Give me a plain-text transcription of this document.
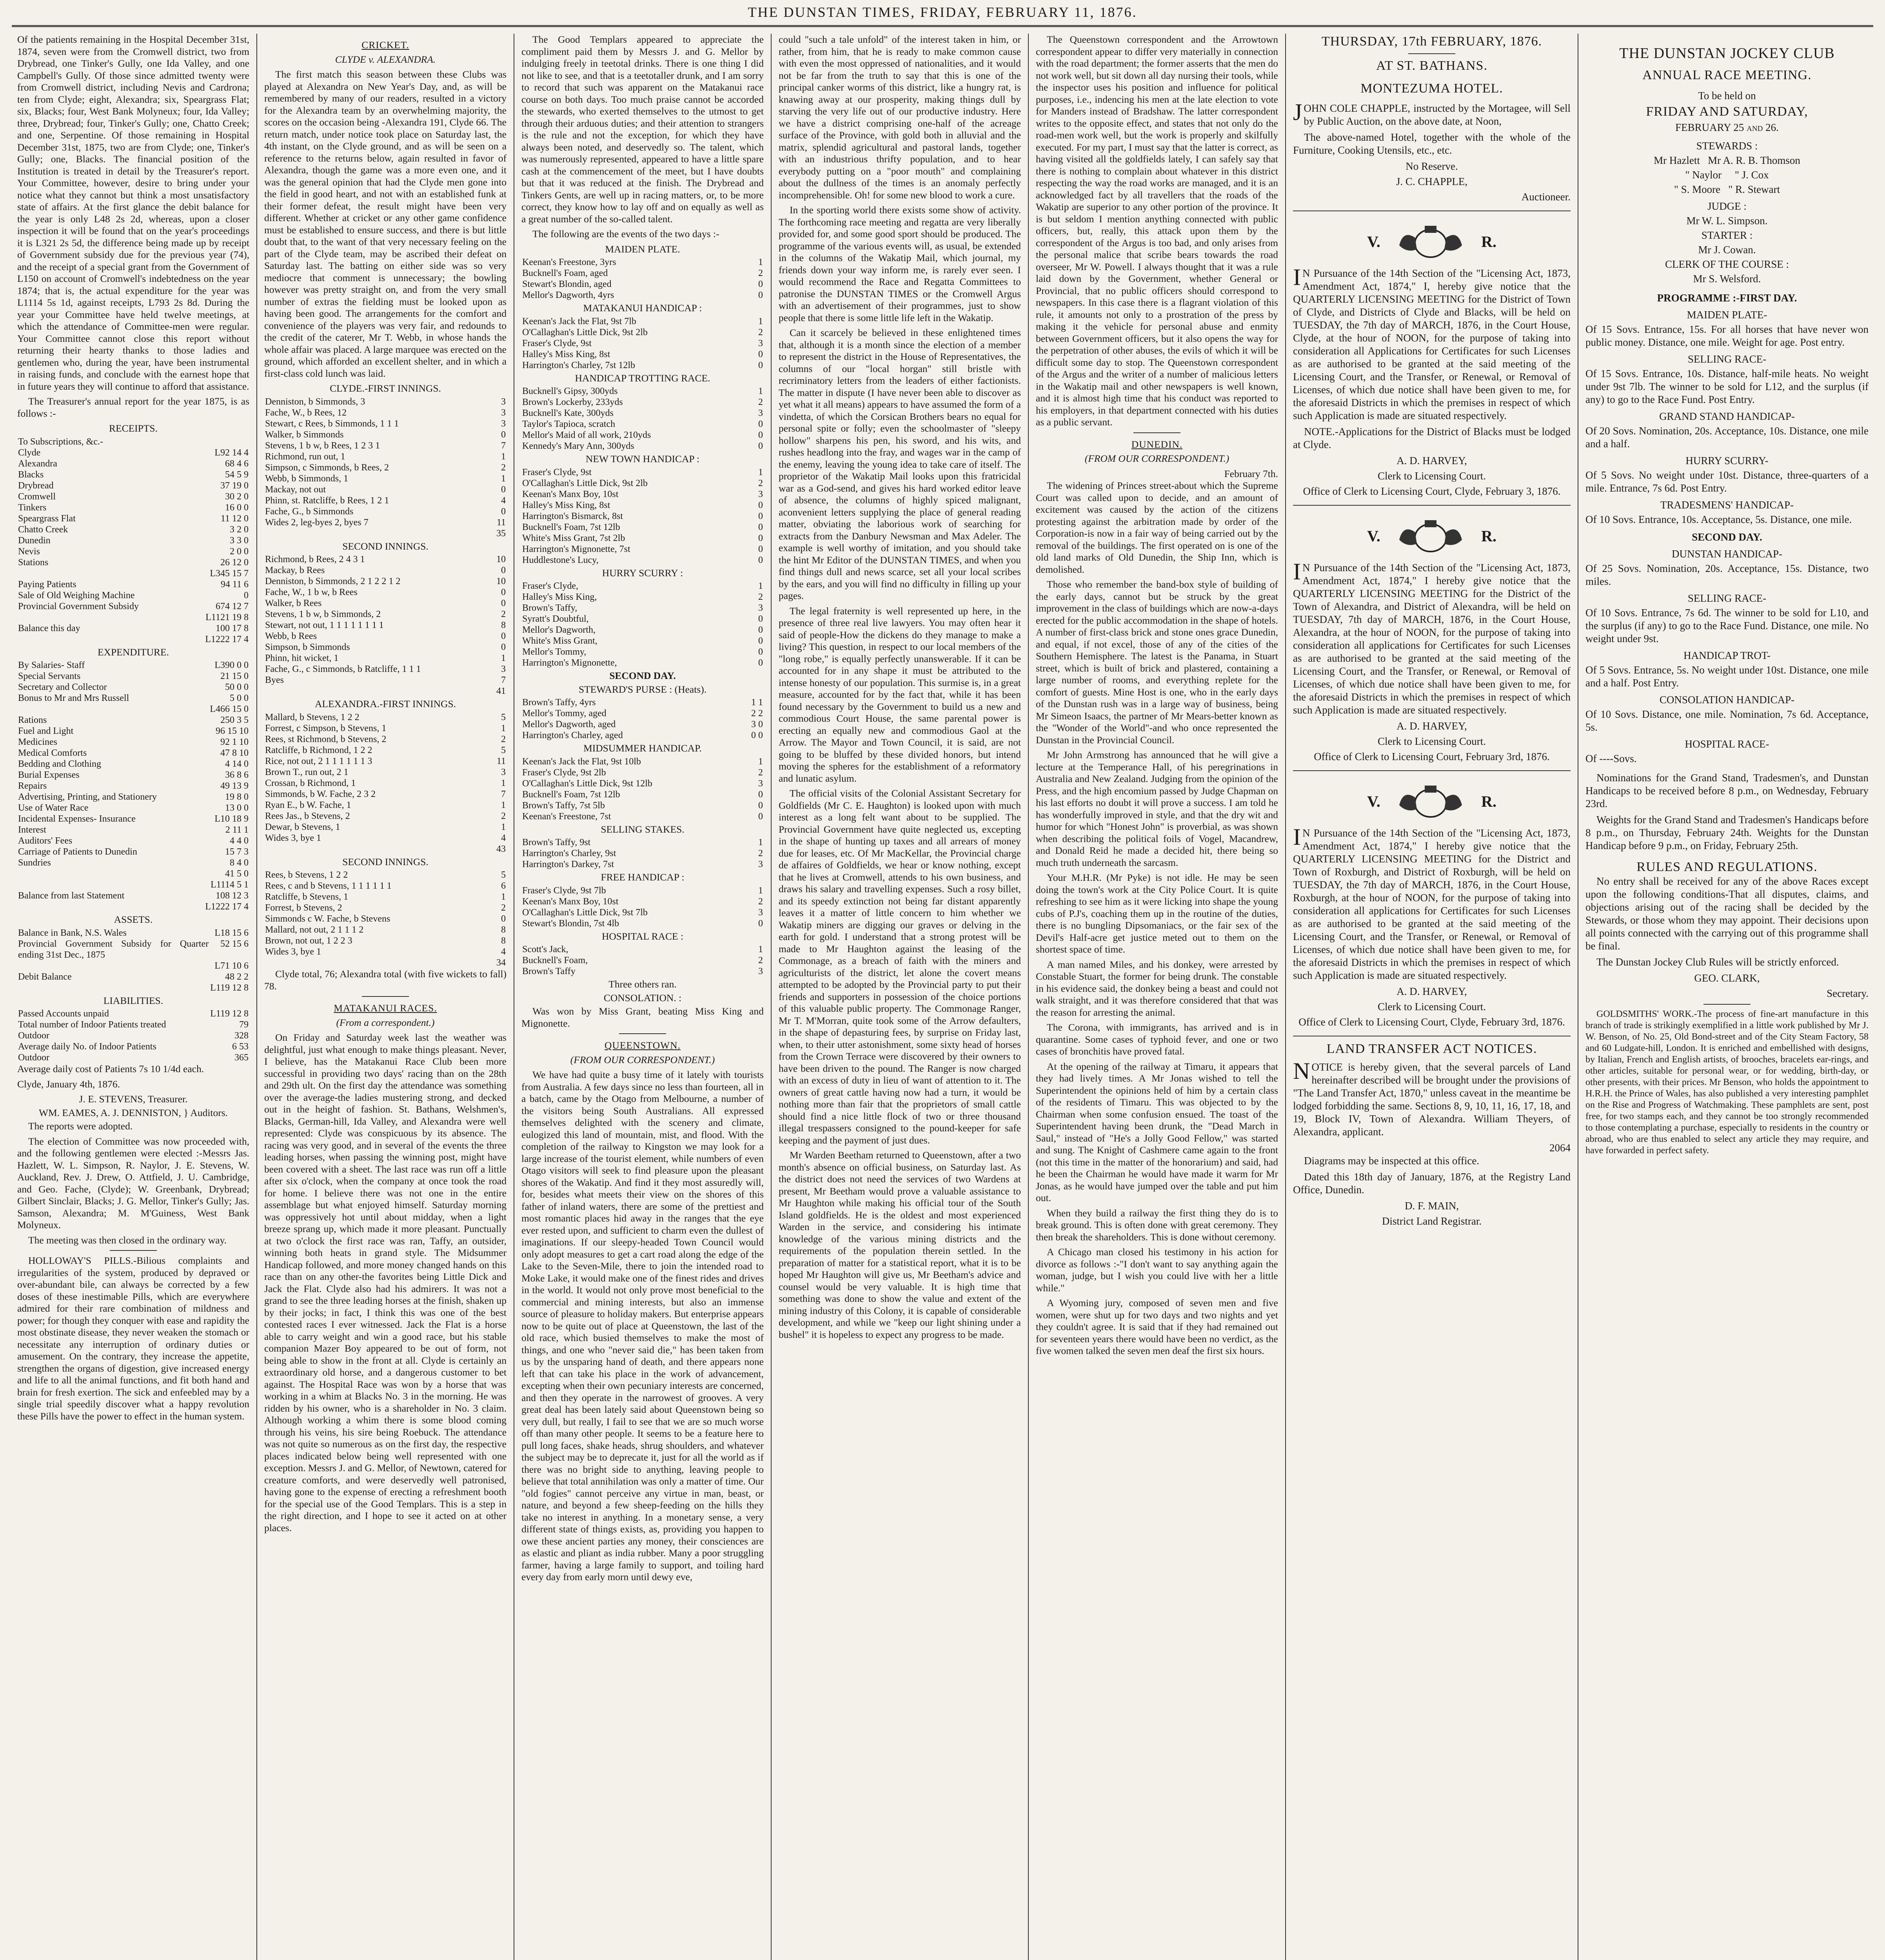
THE DUNSTAN TIMES, FRIDAY, FEBRUARY 11, 1876.

Of the patients remaining in the Hospital December 31st, 1874, seven were from the Cromwell district, two from Drybread, one Tinker's Gully, one Ida Valley, and one Campbell's Gully. Of those since admitted twenty were from Cromwell district, including Nevis and Cardrona; ten from Clyde; eight, Alexandra; six, Speargrass Flat; six, Blacks; four, West Bank Molyneux; four, Ida Valley; three, Drybread; four, Tinker's Gully; one, Chatto Creek; and one, Serpentine. Of those remaining in Hospital December 31st, 1875, two are from Clyde; one, Tinker's Gully; one, Blacks. The financial position of the Institution is treated in detail by the Treasurer's report. Your Committee, however, desire to bring under your notice what they cannot but think a most unsatisfactory state of affairs. At the first glance the debit balance for the year is only L48 2s 2d, whereas, upon a closer inspection it will be found that on the year's proceedings it is L321 2s 5d, the difference being made up by receipt of Government subsidy due for the previous year (74), and the receipt of a special grant from the Government of L150 on account of Cromwell's indebtedness on the year 1874; that is, the actual expenditure for the year was L1114 5s 1d, against receipts, L793 2s 8d. During the year your Committee have held twelve meetings, at which the attendance of Committee-men were regular. Your Committee cannot close this report without returning their hearty thanks to those ladies and gentlemen who, during the year, have been instrumental in raising funds, and conclude with the earnest hope that in future years they will continue to afford that assistance.

The Treasurer's annual report for the year 1875, is as follows :-

RECEIPTS.
To Subscriptions, &c.-	
Clyde	L92 14 4
Alexandra	68 4 6
Blacks	54 5 9
Drybread	37 19 0
Cromwell	30 2 0
Tinkers	16 0 0
Speargrass Flat	11 12 0
Chatto Creek	3 2 0
Dunedin	3 3 0
Nevis	2 0 0
Stations	26 12 0
	L345 15 7
Paying Patients	94 11 6
Sale of Old Weighing Machine	0
Provincial Government Subsidy	674 12 7
	L1121 19 8
Balance this day	100 17 8
	L1222 17 4
EXPENDITURE.
By Salaries- Staff	L390 0 0
Special Servants	21 15 0
Secretary and Collector	50 0 0
Bonus to Mr and Mrs Russell	5 0 0
	L466 15 0
Rations	250 3 5
Fuel and Light	96 15 10
Medicines	92 1 10
Medical Comforts	47 8 10
Bedding and Clothing	4 14 0
Burial Expenses	36 8 6
Repairs	49 13 9
Advertising, Printing, and Stationery	19 8 0
Use of Water Race	13 0 0
Incidental Expenses- Insurance	L10 18 9
Interest	2 11 1
Auditors' Fees	4 4 0
Carriage of Patients to Dunedin	15 7 3
Sundries	8 4 0
	41 5 0
	L1114 5 1
Balance from last Statement	108 12 3
	L1222 17 4
ASSETS.
Balance in Bank, N.S. Wales	L18 15 6
Provincial Government Subsidy for Quarter ending 31st Dec., 1875	52 15 6
	L71 10 6
Debit Balance	48 2 2
	L119 12 8
LIABILITIES.
Passed Accounts unpaid	L119 12 8
Total number of Indoor Patients treated	79
Outdoor	328
Average daily No. of Indoor Patients	6 53
Outdoor	365

Average daily cost of Patients 7s 10 1/4d each.

Clyde, January 4th, 1876.

J. E. STEVENS, Treasurer.

WM. EAMES, A. J. DENNISTON, } Auditors.

The reports were adopted.

The election of Committee was now proceeded with, and the following gentlemen were elected :-Messrs Jas. Hazlett, W. L. Simpson, R. Naylor, J. E. Stevens, W. Auckland, Rev. J. Drew, O. Attfield, J. U. Cambridge, and Geo. Fache, (Clyde); W. Greenbank, Drybread; Gilbert Sinclair, Blacks; J. G. Mellor, Tinker's Gully; Jas. Samson, Alexandra; M. M'Guiness, West Bank Molyneux.

The meeting was then closed in the ordinary way.

HOLLOWAY'S PILLS.-Bilious complaints and irregularities of the system, produced by depraved or over-abundant bile, can always be corrected by a few doses of these inestimable Pills, which are everywhere admired for their rare combination of mildness and power; for though they conquer with ease and rapidity the most obstinate disease, they never weaken the stomach or necessitate any interruption of ordinary duties or amusement. On the contrary, they increase the appetite, strengthen the organs of digestion, give increased energy and life to all the animal functions, and fit both hand and brain for fresh exertion. The sick and enfeebled may by a single trial speedily discover what a happy revolution these Pills have the power to effect in the human system.

CRICKET.
CLYDE v. ALEXANDRA.

The first match this season between these Clubs was played at Alexandra on New Year's Day, and, as will be remembered by many of our readers, resulted in a victory for the Alexandra team by an overwhelming majority, the scores on the occasion being -Alexandra 191, Clyde 66. The return match, under notice took place on Saturday last, the 4th instant, on the Clyde ground, and as will be seen on a reference to the returns below, again resulted in favor of Alexandra, though the game was a more even one, and it was the general opinion that had the Clyde men gone into the field in good heart, and not with an established funk at their former defeat, the result might have been very different. Whether at cricket or any other game confidence must be established to ensure success, and there is but little doubt that, to the want of that very necessary feeling on the part of the Clyde team, may be ascribed their defeat on Saturday last. The batting on either side was so very mediocre that comment is unnecessary; the bowling however was pretty straight on, and from the very small number of extras the fielding must be looked upon as having been good. The arrangements for the comfort and convenience of the players was very fair, and redounds to the credit of the caterer, Mr T. Webb, in whose hands the whole affair was placed. A large marquee was erected on the ground, which afforded an excellent shelter, and in which a first-class cold lunch was laid.

CLYDE.-FIRST INNINGS.
Denniston, b Simmonds, 3	3
Fache, W., b Rees, 12	3
Stewart, c Rees, b Simmonds, 1 1 1	3
Walker, b Simmonds	0
Stevens, 1 b w, b Rees, 1 2 3 1	7
Richmond, run out, 1	1
Simpson, c Simmonds, b Rees, 2	2
Webb, b Simmonds, 1	1
Mackay, not out	0
Phinn, st. Ratcliffe, b Rees, 1 2 1	4
Fache, G., b Simmonds	0
Wides 2, leg-byes 2, byes 7	11
	35
SECOND INNINGS.
Richmond, b Rees, 2 4 3 1	10
Mackay, b Rees	0
Denniston, b Simmonds, 2 1 2 2 1 2	10
Fache, W., 1 b w, b Rees	0
Walker, b Rees	0
Stevens, 1 b w, b Simmonds, 2	2
Stewart, not out, 1 1 1 1 1 1 1 1	8
Webb, b Rees	0
Simpson, b Simmonds	0
Phinn, hit wicket, 1	1
Fache, G., c Simmonds, b Ratcliffe, 1 1 1	3
Byes	7
	41
ALEXANDRA.-FIRST INNINGS.
Mallard, b Stevens, 1 2 2	5
Forrest, c Simpson, b Stevens, 1	1
Rees, st Richmond, b Stevens, 2	2
Ratcliffe, b Richmond, 1 2 2	5
Rice, not out, 2 1 1 1 1 1 1 3	11
Brown T., run out, 2 1	3
Crossan, b Richmond, 1	1
Simmonds, b W. Fache, 2 3 2	7
Ryan E., b W. Fache, 1	1
Rees Jas., b Stevens, 2	2
Dewar, b Stevens, 1	1
Wides 3, bye 1	4
	43
SECOND INNINGS.
Rees, b Stevens, 1 2 2	5
Rees, c and b Stevens, 1 1 1 1 1 1	6
Ratcliffe, b Stevens, 1	1
Forrest, b Stevens, 2	2
Simmonds c W. Fache, b Stevens	0
Mallard, not out, 2 1 1 1 2	8
Brown, not out, 1 2 2 3	8
Wides 3, bye 1	4
	34

Clyde total, 76; Alexandra total (with five wickets to fall) 78.

MATAKANUI RACES.
(From a correspondent.)

On Friday and Saturday week last the weather was delightful, just what enough to make things pleasant. Never, I believe, has the Matakanui Race Club been more successful in providing two days' racing than on the 28th and 29th ult. On the first day the attendance was something over the average-the ladies mustering strong, and decked out in the height of fashion. St. Bathans, Welshmen's, Blacks, German-hill, Ida Valley, and Alexandra were well represented: Clyde was conspicuous by its absence. The racing was very good, and in several of the events the three leading horses, when passing the winning post, might have been covered with a sheet. The last race was run off a little after six o'clock, when the company at once took the road for home. I believe there was not one in the entire assemblage but what enjoyed himself. Saturday morning was oppressively hot until about midday, when a light breeze sprang up, which made it more pleasant. Punctually at two o'clock the first race was ran, Taffy, an outsider, winning both heats in grand style. The Midsummer Handicap followed, and more money changed hands on this race than on any other-the favorites being Little Dick and Jack the Flat. Clyde also had his admirers. It was not a grand to see the three leading horses at the finish, shaken up by their jocks; in fact, I think this was one of the best contested races I ever witnessed. Jack the Flat is a horse able to carry weight and win a good race, but his stable companion Mazer Boy appeared to be out of form, not being able to show in the front at all. Clyde is certainly an extraordinary old horse, and a dangerous customer to bet against. The Hospital Race was won by a horse that was working in a whim at Blacks No. 3 in the morning. He was ridden by his owner, who is a shareholder in No. 3 claim. Although working a whim there is some blood coming through his veins, his sire being Roebuck. The attendance was not quite so numerous as on the first day, the respective places indicated below being well represented with one exception. Messrs J. and G. Mellor, of Newtown, catered for creature comforts, and were deservedly well patronised, having gone to the expense of erecting a refreshment booth for the special use of the Good Templars. This is a step in the right direction, and I hope to see it acted on at other places.

The Good Templars appeared to appreciate the compliment paid them by Messrs J. and G. Mellor by indulging freely in teetotal drinks. There is one thing I did not like to see, and that is a teetotaller drunk, and I am sorry to record that such was apparent on the Matakanui race course on both days. Too much praise cannot be accorded the stewards, who exerted themselves to the utmost to get through their arduous duties; and their attention to strangers is the rule and not the exception, for which they have always been noted, and deservedly so. The talent, which was numerously represented, appeared to have a little spare cash at the commencement of the meet, but I have doubts but that it was reduced at the finish. The Drybread and Tinkers Gents, are well up in racing matters, or, to be more correct, they know how to lay off and on equally as well as a great number of the so-called talent.

The following are the events of the two days :-

MAIDEN PLATE.
Keenan's Freestone, 3yrs	1
Bucknell's Foam, aged	2
Stewart's Blondin, aged	0
Mellor's Dagworth, 4yrs	0
MATAKANUI HANDICAP :
Keenan's Jack the Flat, 9st 7lb	1
O'Callaghan's Little Dick, 9st 2lb	2
Fraser's Clyde, 9st	3
Halley's Miss King, 8st	0
Harrington's Charley, 7st 12lb	0
HANDICAP TROTTING RACE.
Bucknell's Gipsy, 300yds	1
Brown's Lockerby, 233yds	2
Bucknell's Kate, 300yds	3
Taylor's Tapioca, scratch	0
Mellor's Maid of all work, 210yds	0
Kennedy's Mary Ann, 300yds	0
NEW TOWN HANDICAP :
Fraser's Clyde, 9st	1
O'Callaghan's Little Dick, 9st 2lb	2
Keenan's Manx Boy, 10st	3
Halley's Miss King, 8st	0
Harrington's Bismarck, 8st	0
Bucknell's Foam, 7st 12lb	0
White's Miss Grant, 7st 2lb	0
Harrington's Mignonette, 7st	0
Huddlestone's Lucy,	0
HURRY SCURRY :
Fraser's Clyde,	1
Halley's Miss King,	2
Brown's Taffy,	3
Syratt's Doubtful,	0
Mellor's Dagworth,	0
White's Miss Grant,	0
Mellor's Tommy,	0
Harrington's Mignonette,	0
SECOND DAY.
STEWARD'S PURSE : (Heats).
Brown's Taffy, 4yrs	1 1
Mellor's Tommy, aged	2 2
Mellor's Dagworth, aged	3 0
Harrington's Charley, aged	0 0
MIDSUMMER HANDICAP.
Keenan's Jack the Flat, 9st 10lb	1
Fraser's Clyde, 9st 2lb	2
O'Callaghan's Little Dick, 9st 12lb	3
Bucknell's Foam, 7st 12lb	0
Brown's Taffy, 7st 5lb	0
Keenan's Freestone, 7st	0
SELLING STAKES.
Brown's Taffy, 9st	1
Harrington's Charley, 9st	2
Harrington's Darkey, 7st	3
FREE HANDICAP :
Fraser's Clyde, 9st 7lb	1
Keenan's Manx Boy, 10st	2
O'Callaghan's Little Dick, 9st 7lb	3
Stewart's Blondin, 7st 4lb	0
HOSPITAL RACE :
Scott's Jack,	1
Bucknell's Foam,	2
Brown's Taffy	3
Three others ran.
CONSOLATION. :

Was won by Miss Grant, beating Miss King and Mignonette.

QUEENSTOWN.
(FROM OUR CORRESPONDENT.)

We have had quite a busy time of it lately with tourists from Australia. A few days since no less than fourteen, all in a batch, came by the Otago from Melbourne, a number of the visitors being South Australians. All expressed themselves delighted with the scenery and climate, eulogized this land of mountain, mist, and flood. With the completion of the railway to Kingston we may look for a large increase of the tourist element, while numbers of even Otago visitors will seek to find pleasure upon the pleasant shores of the Wakatip. And find it they most assuredly will, for, besides what meets their view on the shores of this father of inland waters, there are some of the prettiest and most romantic places hid away in the ranges that the eye ever rested upon, and sufficient to charm even the dullest of imaginations. If our sleepy-headed Town Council would only adopt measures to get a cart road along the edge of the Lake to the Seven-Mile, there to join the intended road to Moke Lake, it would make one of the finest rides and drives in the world. It would not only prove most beneficial to the commercial and mining interests, but also an immense source of pleasure to holiday makers. But enterprise appears now to be quite out of place at Queenstown, the last of the old race, which busied themselves to make the most of things, and one who "never said die," has been taken from us by the unsparing hand of death, and there appears none left that can take his place in the work of advancement, excepting when their own pecuniary interests are concerned, and then they operate in the narrowest of grooves. A very great deal has been lately said about Queenstown being so very dull, but really, I fail to see that we are so much worse off than many other people. It seems to be a feature here to pull long faces, shake heads, shrug shoulders, and whatever the subject may be to deprecate it, just for all the world as if there was no bright side to anything, leaving people to believe that total annihilation was only a matter of time. Our "old fogies" cannot perceive any virtue in man, beast, or nature, and beyond a few sheep-feeding on the hills they take no interest in anything. In a monetary sense, a very different state of things exists, as, providing you happen to owe these ancient parties any money, their consciences are as elastic and pliant as india rubber. Many a poor struggling farmer, having a large family to support, and toiling hard every day from early morn until dewy eve,

could "such a tale unfold" of the interest taken in him, or rather, from him, that he is ready to make common cause with even the most oppressed of nationalities, and it would not be far from the truth to say that this is one of the principal canker worms of this district, like a hungry rat, is knawing away at our prosperity, making things dull by starving the very life out of our productive industry. Here we have a district comprising one-half of the acreage surface of the Province, with gold both in alluvial and the matrix, splendid agricultural and pastoral lands, together with an industrious thrifty population, and to hear everybody putting on a "poor mouth" and complaining about the dullness of the times is an anomaly perfectly incomprehensible. Oh! for some new blood to work a cure.

In the sporting world there exists some show of activity. The forthcoming race meeting and regatta are very liberally provided for, and some good sport should be produced. The programme of the various events will, as usual, be extended in the columns of the Wakatip Mail, which journal, my friends down your way inform me, is rarely ever seen. I would recommend the Race and Regatta Committees to patronise the DUNSTAN TIMES or the Cromwell Argus with an advertisement of their programmes, just to show people that there is some little life left in the Wakatip.

Can it scarcely be believed in these enlightened times that, although it is a month since the election of a member to represent the district in the House of Representatives, the columns of our "local horgan" still bristle with recriminatory letters from the leaders of either factionists. The matter in dispute (I have never been able to discover as yet what it all means) appears to have assumed the form of a vindetta, of which the Corsican Brothers bears no equal for personal spite or folly; even the schoolmaster of "sleepy hollow" sharpens his pen, his sword, and his wits, and rushes headlong into the fray, and wages war in the camp of the enemy, leaving the young idea to take care of itself. The proprietor of the Wakatip Mail looks upon this fratricidal war as a God-send, and gives his hard worked editor leave of absence, the columns of highly spiced malignant, aconvenient letters supplying the place of general reading matter, obviating the laborious work of searching for extracts from the Danbury Newsman and Max Adeler. The example is well worthy of imitation, and you should take the hint Mr Editor of the DUNSTAN TIMES, and when you find things dull and news scarce, set all your local scribes by the ears, and you will find no difficulty in filling up your pages.

The legal fraternity is well represented up here, in the presence of three real live lawyers. You may often hear it said of people-How the dickens do they manage to make a living? This question, in respect to our local members of the "long robe," is equally perfectly unanswerable. If it can be accounted for in any shape it must be attributed to the intense honesty of our population. This surmise is, in a great measure, accounted for by the fact that, while it has been found necessary by the Government to build us a new and commodious Court House, the same parental power is erecting an equally new and commodious Gaol at the Arrow. The Mayor and Town Council, it is said, are not going to be bluffed by these divided honors, but intend moving the spheres for the establishment of a reformatory and lunatic asylum.

The official visits of the Colonial Assistant Secretary for Goldfields (Mr C. E. Haughton) is looked upon with much interest as a long felt want about to be supplied. The Provincial Government have quite neglected us, excepting in the shape of hunting up taxes and all arrears of money due for leases, etc. Of Mr MacKellar, the Provincial charge de affaires of Goldfields, we hear or know nothing, except that he lives at Cromwell, attends to his own business, and draws his salary and travelling expenses. Such a rosy billet, and its speedy extinction not being far distant apparently leaves it a matter of little concern to him whether we Wakatip miners are digging our graves or delving in the earth for gold. I understand that a strong protest will be made to Mr Haughton against the leasing of the Commonage, as a breach of faith with the miners and agriculturists of the district, let alone the covert means attempted to be adopted by the Provincial party to put their friends and supporters in possession of the choice portions of this valuable public property. The Commonage Ranger, Mr T. M'Morran, quite took some of the Arrow defaulters, in the shape of depasturing fees, by surprise on Friday last, when, to their utter astonishment, some sixty head of horses from the Crown Terrace were discovered by their owners to have been driven to the pound. The Ranger is now charged with an excess of duty in lieu of want of attention to it. The owners of great cattle having now had a turn, it would be nothing more than fair that the proprietors of small cattle should find a nice little flock of two or three thousand illegal trespassers consigned to the pound-keeper for safe keeping and the payment of just dues.

Mr Warden Beetham returned to Queenstown, after a two month's absence on official business, on Saturday last. As the district does not need the services of two Wardens at present, Mr Beetham would prove a valuable assistance to Mr Haughton while making his official tour of the South Island goldfields. He is the oldest and most experienced Warden in the service, and considering his intimate knowledge of the various mining districts and the requirements of the population therein settled. In the preparation of matter for a statistical report, what it is to be hoped Mr Haughton will give us, Mr Beetham's advice and counsel would be very valuable. It is high time that something was done to show the value and extent of the mining industry of this Colony, it is capable of considerable development, and while we "keep our light shining under a bushel" it is hopeless to expect any progress to be made.

The Queenstown correspondent and the Arrowtown correspondent appear to differ very materially in connection with the road department; the former asserts that the men do not work well, but sit down all day nursing their tools, while the inspector uses his position and influence for political purposes, i.e., indencing his men at the late election to vote for Manders instead of Bradshaw. The latter correspondent writes to the opposite effect, and states that not only do the road-men work well, but the work is properly and skilfully executed. For my part, I must say that the latter is correct, as having visited all the goldfields lately, I can safely say that there is nothing to complain about whatever in this district respecting the way the road works are managed, and it is an acknowledged fact by all travellers that the roads of the Wakatip are superior to any other portion of the province. It is but seldom I mention anything connected with public officers, but, really, this attack upon them by the correspondent of the Argus is too bad, and only arises from the personal malice that scribe bears towards the road overseer, Mr W. Powell. I always thought that it was a rule laid down by the Government, whether General or Provincial, that no public officers should correspond to newspapers. In this case there is a flagrant violation of this rule, it amounts not only to a prostration of the press by making it the vehicle for personal abuse and enmity between Government officers, but it also opens the way for the perpetration of other abuses, the evils of which it will be difficult some day to stop. The Queenstown correspondent of the Argus and the writer of a number of malicious letters in the Wakatip mail and other newspapers is well known, and it is almost high time that his conduct was reported to his employers, in that department connected with his duties as a public servant.

DUNEDIN.
(FROM OUR CORRESPONDENT.)
February 7th.

The widening of Princes street-about which the Supreme Court was called upon to decide, and an amount of excitement was caused by the action of the citizens protesting against the arbitration made by order of the Corporation-is now in a fair way of being carried out by the removal of the buildings. The first operated on is one of the old land marks of Old Dunedin, the Ship Inn, which is demolished.

Those who remember the band-box style of building of the early days, cannot but be struck by the great improvement in the class of buildings which are now-a-days erected for the public accommodation in the shape of hotels. A number of first-class brick and stone ones grace Dunedin, and equal, if not excel, those of any of the cities of the Southern Hemisphere. The latest is the Panama, in Stuart street, which is built of brick and plastered, containing a large number of rooms, and everything replete for the comfort of guests. Mine Host is one, who in the early days of the Dunstan rush was in a large way of business, being Mr Simeon Isaacs, the partner of Mr Mears-better known as the "Wonder of the World"-and who once represented the Dunstan in the Provincial Council.

Mr John Armstrong has announced that he will give a lecture at the Temperance Hall, of his peregrinations in Australia and New Zealand. Judging from the opinion of the Press, and the high encomium passed by Judge Chapman on his last efforts no doubt it will prove a success. I am told he has wonderfully improved in style, and that the dry wit and humor for which "Honest John" is proverbial, as was shown when describing the political foils of Vogel, Macandrew, and Donald Reid he made a decided hit, there being so much truth underneath the sarcasm.

Your M.H.R. (Mr Pyke) is not idle. He may be seen doing the town's work at the City Police Court. It is quite refreshing to see him as it were licking into shape the young cubs of P.J's, coaching them up in the routine of the duties, there is no bungling Dipsomaniacs, or the fair sex of the Devil's Half-acre get justice meted out to them on the shortest space of time.

A man named Miles, and his donkey, were arrested by Constable Stuart, the former for being drunk. The constable in his evidence said, the donkey being a beast and could not walk straight, and it was therefore considered that that was the reason for arresting the animal.

The Corona, with immigrants, has arrived and is in quarantine. Some cases of typhoid fever, and one or two cases of bronchitis have proved fatal.

At the opening of the railway at Timaru, it appears that they had lively times. A Mr Jonas wished to tell the Superintendent the opinions held of him by a certain class of the residents of Timaru. This was objected to by the Chairman when some confusion ensued. The toast of the Superintendent having been drunk, the "Dead March in Saul," instead of "He's a Jolly Good Fellow," was started and sung. The Knight of Cashmere came again to the front (not this time in the matter of the honorarium) and said, had he been the Chairman he would have made it warm for Mr Jonas, as he would have jumped over the table and put him out.

When they build a railway the first thing they do is to break ground. This is often done with great ceremony. They then break the shareholders. This is done without ceremony.

A Chicago man closed his testimony in his action for divorce as follows :-"I don't want to say anything again the woman, judge, but I wish you could live with her a little while."

A Wyoming jury, composed of seven men and five women, were shut up for two days and two nights and yet they couldn't agree. It is said that if they had remained out for seventeen years there would have been no verdict, as the five women talked the seven men deaf the first six hours.

THURSDAY, 17th FEBRUARY, 1876.
AT ST. BATHANS.
MONTEZUMA HOTEL.

JOHN COLE CHAPPLE, instructed by the Mortagee, will Sell by Public Auction, on the above date, at Noon,

The above-named Hotel, together with the whole of the Furniture, Cooking Utensils, etc., etc.

No Reserve.
J. C. CHAPPLE,
Auctioneer.
V.	R.

IN Pursuance of the 14th Section of the "Licensing Act, 1873, Amendment Act, 1874," I, hereby give notice that the QUARTERLY LICENSING MEETING for the District of Town of Clyde, and Districts of Clyde and Blacks, will be held on TUESDAY, the 7th day of MARCH, 1876, in the Court House, Clyde, at the hour of NOON, for the purpose of taking into consideration all Applications for Certificates for such Licenses as are authorised to be granted at the said meeting of the Licensing Court, and the Transfer, or Renewal, or Removal of Licenses, of which due notice shall have been given to me, for the aforesaid Districts in which the premises in respect of which such Application is made are situated respectively.

NOTE.-Applications for the District of Blacks must be lodged at Clyde.

A. D. HARVEY,
Clerk to Licensing Court.
Office of Clerk to Licensing Court, Clyde, February 3, 1876.
V.	R.

IN Pursuance of the 14th Section of the "Licensing Act, 1873, Amendment Act, 1874," I hereby give notice that the QUARTERLY LICENSING MEETING for the District of the Town of Alexandra, and District of Alexandra, will be held on TUESDAY, 7th day of MARCH, 1876, in the Court House, Alexandra, at the hour of NOON, for the purpose of taking into consideration all applications for Certificates for such Licenses as are authorised to be granted at the said meeting of the Licensing Court, and the Transfer, or Renewal, or Removal of Licenses, of which due notice shall have been given to me, for the aforesaid Districts in which the premises in respect of which such Application is made are situated respectively.

A. D. HARVEY,
Clerk to Licensing Court.
Office of Clerk to Licensing Court, February 3rd, 1876.
V.	R.

IN Pursuance of the 14th Section of the "Licensing Act, 1873, Amendment Act, 1874," I hereby give notice that the QUARTERLY LICENSING MEETING for the District and Town of Roxburgh, and District of Roxburgh, will be held on TUESDAY, the 7th day of MARCH, 1876, in the Court House, Roxburgh, at the hour of NOON, for the purpose of taking into consideration all applications for Certificates for such Licenses as are authorised to be granted at the said meeting of the Licensing Court, and the Transfer, or Renewal, or Removal of Licenses, of which due notice shall have been given to me, for the aforesaid Districts in which the premises in respect of which such Application is made are situated respectively.

A. D. HARVEY,
Clerk to Licensing Court.
Office of Clerk to Licensing Court, Clyde, February 3rd, 1876.
LAND TRANSFER ACT NOTICES.

NOTICE is hereby given, that the several parcels of Land hereinafter described will be brought under the provisions of "The Land Transfer Act, 1870," unless caveat in the meantime be lodged forbidding the same. Sections 8, 9, 10, 11, 16, 17, 18, and 19, Block IV, Town of Alexandra. William Theyers, of Alexandra, applicant.

2064

Diagrams may be inspected at this office.

Dated this 18th day of January, 1876, at the Registry Land Office, Dunedin.

D. F. MAIN,
District Land Registrar.
THE DUNSTAN JOCKEY CLUB
ANNUAL RACE MEETING.
To be held on
FRIDAY AND SATURDAY,
FEBRUARY 25 and 26.
STEWARDS :
Mr Hazlett   Mr A. R. B. Thomson
" Naylor     " J. Cox
" S. Moore   " R. Stewart
JUDGE :
Mr W. L. Simpson.
STARTER :
Mr J. Cowan.
CLERK OF THE COURSE :
Mr S. Welsford.
PROGRAMME :-FIRST DAY.
MAIDEN PLATE-

Of 15 Sovs. Entrance, 15s. For all horses that have never won public money. Distance, one mile. Weight for age. Post entry.

SELLING RACE-

Of 15 Sovs. Entrance, 10s. Distance, half-mile heats. No weight under 9st 7lb. The winner to be sold for L12, and the surplus (if any) to go to the Race Fund. Post Entry.

GRAND STAND HANDICAP-

Of 20 Sovs. Nomination, 20s. Acceptance, 10s. Distance, one mile and a half.

HURRY SCURRY-

Of 5 Sovs. No weight under 10st. Distance, three-quarters of a mile. Entrance, 7s 6d. Post Entry.

TRADESMENS' HANDICAP-

Of 10 Sovs. Entrance, 10s. Acceptance, 5s. Distance, one mile.

SECOND DAY.
DUNSTAN HANDICAP-

Of 25 Sovs. Nomination, 20s. Acceptance, 15s. Distance, two miles.

SELLING RACE-

Of 10 Sovs. Entrance, 7s 6d. The winner to be sold for L10, and the surplus (if any) to go to the Race Fund. Distance, one mile. No weight under 9st.

HANDICAP TROT-

Of 5 Sovs. Entrance, 5s. No weight under 10st. Distance, one mile and a half. Post Entry.

CONSOLATION HANDICAP-

Of 10 Sovs. Distance, one mile. Nomination, 7s 6d. Acceptance, 5s.

HOSPITAL RACE-

Of ----Sovs.

Nominations for the Grand Stand, Tradesmen's, and Dunstan Handicaps to be received before 8 p.m., on Wednesday, February 23rd.

Weights for the Grand Stand and Tradesmen's Handicaps before 8 p.m., on Thursday, February 24th. Weights for the Dunstan Handicap before 9 p.m., on Friday, February 25th.

RULES AND REGULATIONS.

No entry shall be received for any of the above Races except upon the following conditions-That all disputes, claims, and objections arising out of the racing shall be decided by the Stewards, or those whom they may appoint. Their decisions upon all points connected with the carrying out of this programme shall be final.

The Dunstan Jockey Club Rules will be strictly enforced.

GEO. CLARK,
Secretary.

GOLDSMITHS' WORK.-The process of fine-art manufacture in this branch of trade is strikingly exemplified in a little work published by Mr J. W. Benson, of No. 25, Old Bond-street and of the City Steam Factory, 58 and 60 Ludgate-hill, London. It is enriched and embellished with designs, by Italian, French and English artists, of brooches, bracelets ear-rings, and other articles, suitable for personal wear, or for wedding, birth-day, or other presents, with their prices. Mr Benson, who holds the appointment to H.R.H. the Prince of Wales, has also published a very interesting pamphlet on the Rise and Progress of Watchmaking. These pamphlets are sent, post free, for two stamps each, and they cannot be too strongly recommended to those contemplating a purchase, especially to residents in the country or abroad, who are thus enabled to select any article they may require, and have forwarded in perfect safety.
